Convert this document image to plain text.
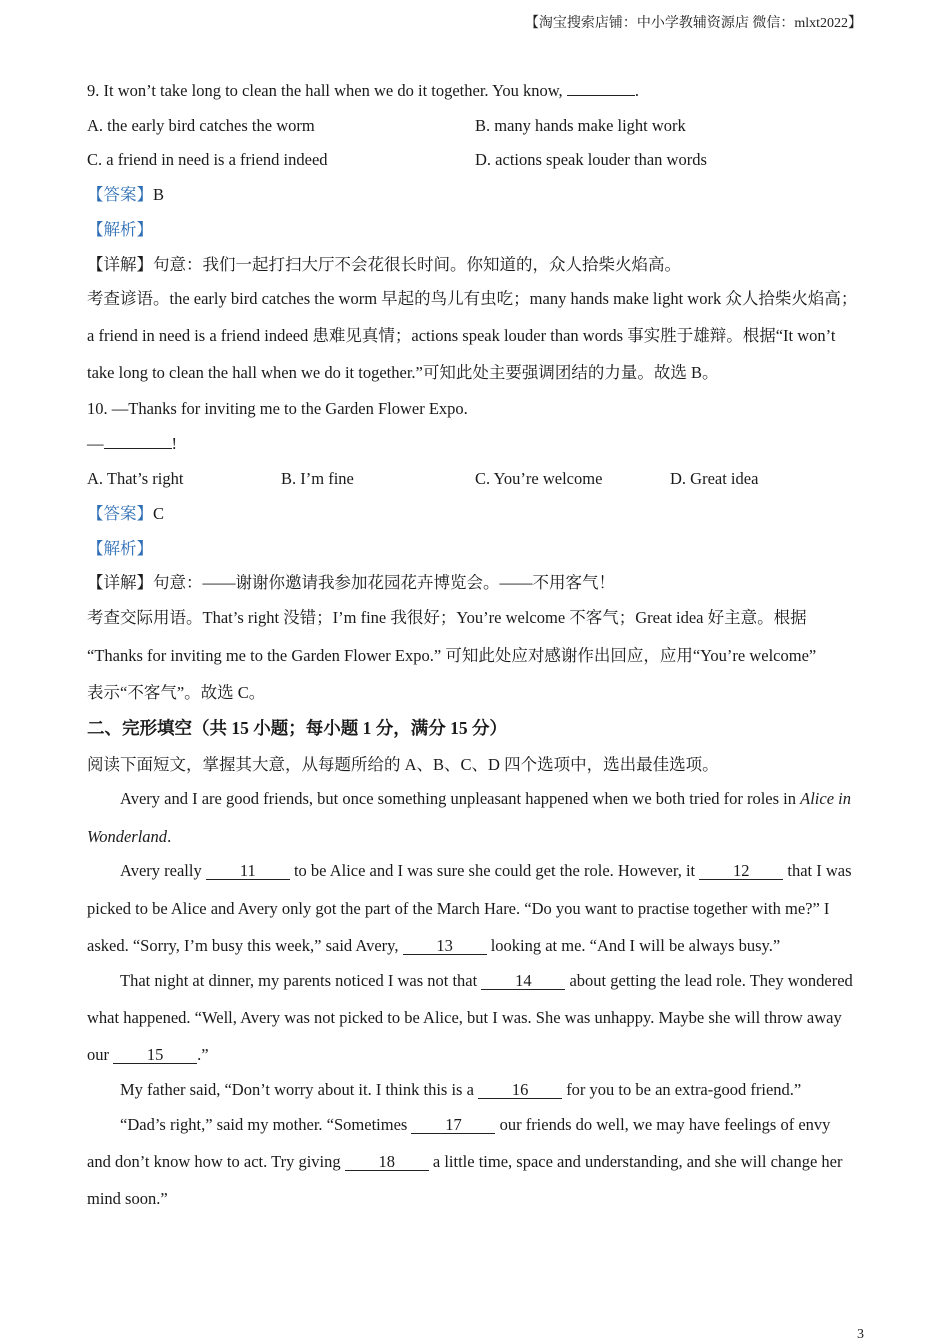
【淘宝搜索店铺：中小学教辅资源店 微信：mlxt2022】
9. It won’t take long to clean the hall when we do it together. You know,	.
A. the early bird catches the worm	B. many hands make light work
C. a friend in need is a friend indeed	D. actions speak louder than words
【答案】B
【解析】
【详解】句意：我们一起打扫大厅不会花很长时间。你知道的，众人拾柴火焰高。
考查谚语。the early bird catches the worm 早起的鸟儿有虫吃；many hands make light work 众人拾柴火焰高；
a friend in need is a friend indeed 患难见真情；actions speak louder than words 事实胜于雄辩。根据“It won’t
take long to clean the hall when we do it together.”可知此处主要强调团结的力量。故选 B。
10. —Thanks for inviting me to the Garden Flower Expo.
—	!
A. That’s right	B. I’m fine	C. You’re welcome	D. Great idea
【答案】C
【解析】
【详解】句意：——谢谢你邀请我参加花园花卉博览会。——不用客气！
考查交际用语。That’s right 没错；I’m fine 我很好；You’re welcome 不客气；Great idea 好主意。根据
“Thanks for inviting me to the Garden Flower Expo.” 可知此处应对感谢作出回应，应用“You’re welcome”
表示“不客气”。故选 C。
二、完形填空（共 15 小题；每小题 1 分，满分 15 分）
阅读下面短文，掌握其大意，从每题所给的 A、B、C、D 四个选项中，选出最佳选项。
Avery and I are good friends, but once something unpleasant happened when we both tried for roles in Alice in
Wonderland.
Avery really 11 to be Alice and I was sure she could get the role. However, it 12 that I was
picked to be Alice and Avery only got the part of the March Hare. “Do you want to practise together with me?” I
asked. “Sorry, I’m busy this week,” said Avery, 13 looking at me. “And I will be always busy.”
That night at dinner, my parents noticed I was not that 14 about getting the lead role. They wondered
what happened. “Well, Avery was not picked to be Alice, but I was. She was unhappy. Maybe she will throw away
our 15 .”
My father said, “Don’t worry about it. I think this is a 16 for you to be an extra-good friend.”
“Dad’s right,” said my mother. “Sometimes 17 our friends do well, we may have feelings of envy
and don’t know how to act. Try giving 18 a little time, space and understanding, and she will change her
mind soon.”
3
